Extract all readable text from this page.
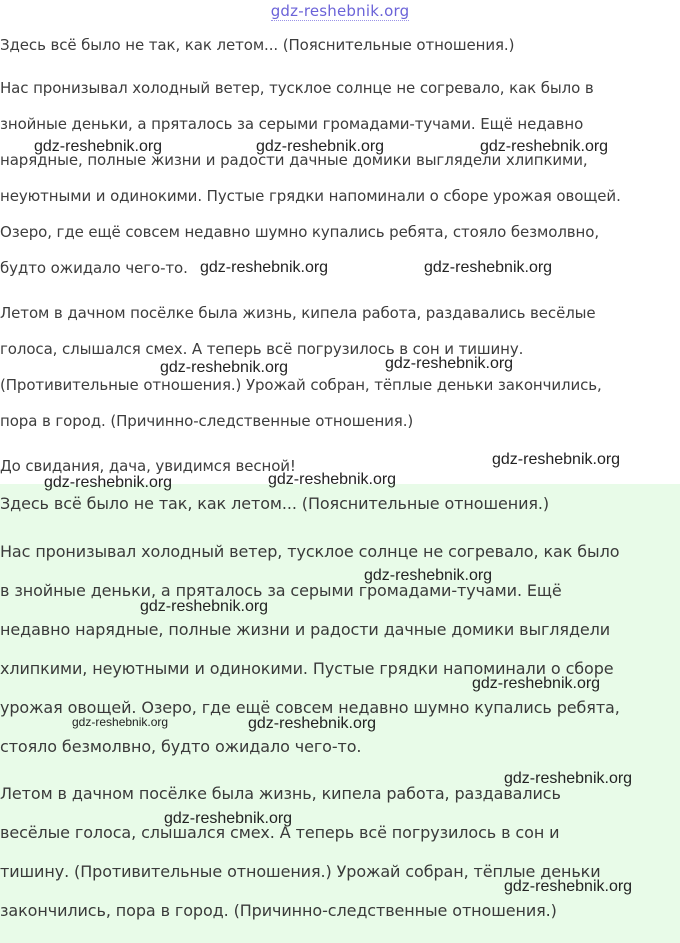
gdz-reshebnik.org

Здесь всё было не так, как летом... (Пояснительные отношения.)

Нас пронизывал холодный ветер, тусклое солнце не согревало, как было в

знойные деньки, а пряталось за серыми громадами-тучами. Ещё недавно

нарядные, полные жизни и радости дачные домики выглядели хлипкими,

неуютными и одинокими. Пустые грядки напоминали о сборе урожая овощей.

Озеро, где ещё совсем недавно шумно купались ребята, стояло безмолвно,

будто ожидало чего-то.

Летом в дачном посёлке была жизнь, кипела работа, раздавались весёлые

голоса, слышался смех. А теперь всё погрузилось в сон и тишину.

(Противительные отношения.) Урожай собран, тёплые деньки закончились,

пора в город. (Причинно-следственные отношения.)

До свидания, дача, увидимся весной!

Здесь всё было не так, как летом... (Пояснительные отношения.)

Нас пронизывал холодный ветер, тусклое солнце не согревало, как было

в знойные деньки, а пряталось за серыми громадами-тучами. Ещё

недавно нарядные, полные жизни и радости дачные домики выглядели

хлипкими, неуютными и одинокими. Пустые грядки напоминали о сборе

урожая овощей. Озеро, где ещё совсем недавно шумно купались ребята,

стояло безмолвно, будто ожидало чего-то.

Летом в дачном посёлке была жизнь, кипела работа, раздавались

весёлые голоса, слышался смех. А теперь всё погрузилось в сон и

тишину. (Противительные отношения.) Урожай собран, тёплые деньки

закончились, пора в город. (Причинно-следственные отношения.)

gdz-reshebnik.org	gdz-reshebnik.org	gdz-reshebnik.org
gdz-reshebnik.org	gdz-reshebnik.org
gdz-reshebnik.org	gdz-reshebnik.org
gdz-reshebnik.org
gdz-reshebnik.org	gdz-reshebnik.org
gdz-reshebnik.org
gdz-reshebnik.org
gdz-reshebnik.org
gdz-reshebnik.org	gdz-reshebnik.org
gdz-reshebnik.org
gdz-reshebnik.org
gdz-reshebnik.org
